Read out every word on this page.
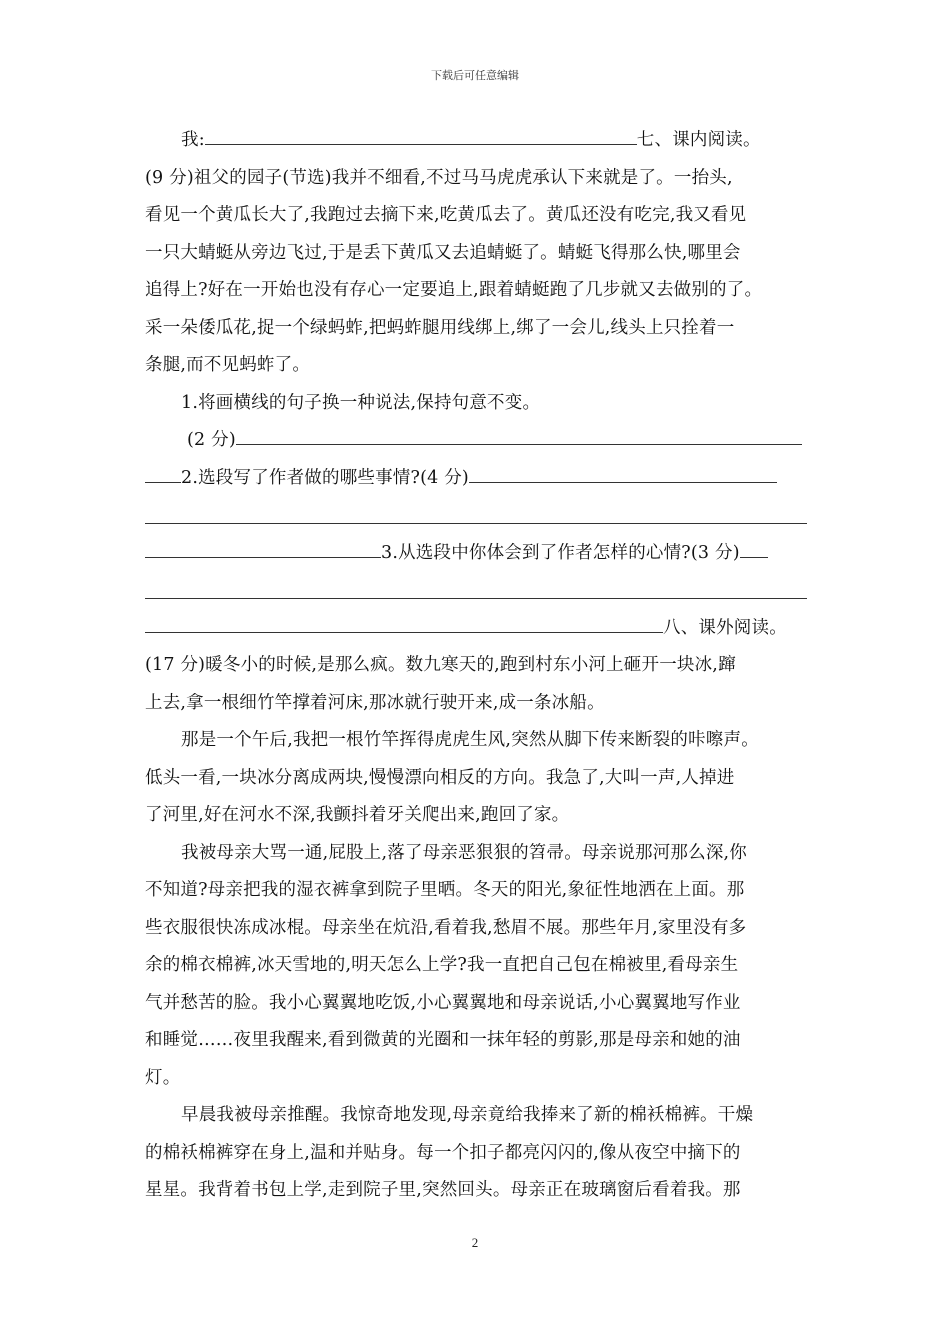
下载后可任意编辑
我:	七、课内阅读。
(9 分)祖父的园子(节选)我并不细看,不过马马虎虎承认下来就是了。一抬头,
看见一个黄瓜长大了,我跑过去摘下来,吃黄瓜去了。黄瓜还没有吃完,我又看见
一只大蜻蜓从旁边飞过,于是丢下黄瓜又去追蜻蜓了。蜻蜓飞得那么快,哪里会
追得上?好在一开始也没有存心一定要追上,跟着蜻蜓跑了几步就又去做别的了。
采一朵倭瓜花,捉一个绿蚂蚱,把蚂蚱腿用线绑上,绑了一会儿,线头上只拴着一
条腿,而不见蚂蚱了。
1.将画横线的句子换一种说法,保持句意不变。
(2 分)
2.选段写了作者做的哪些事情?(4 分)
3.从选段中你体会到了作者怎样的心情?(3 分)
八、课外阅读。
(17 分)暖冬小的时候,是那么疯。数九寒天的,跑到村东小河上砸开一块冰,蹿
上去,拿一根细竹竿撑着河床,那冰就行驶开来,成一条冰船。
那是一个午后,我把一根竹竿挥得虎虎生风,突然从脚下传来断裂的咔嚓声。
低头一看,一块冰分离成两块,慢慢漂向相反的方向。我急了,大叫一声,人掉进
了河里,好在河水不深,我颤抖着牙关爬出来,跑回了家。
我被母亲大骂一通,屁股上,落了母亲恶狠狠的笤帚。母亲说那河那么深,你
不知道?母亲把我的湿衣裤拿到院子里晒。冬天的阳光,象征性地洒在上面。那
些衣服很快冻成冰棍。母亲坐在炕沿,看着我,愁眉不展。那些年月,家里没有多
余的棉衣棉裤,冰天雪地的,明天怎么上学?我一直把自己包在棉被里,看母亲生
气并愁苦的脸。我小心翼翼地吃饭,小心翼翼地和母亲说话,小心翼翼地写作业
和睡觉……夜里我醒来,看到微黄的光圈和一抹年轻的剪影,那是母亲和她的油
灯。
早晨我被母亲推醒。我惊奇地发现,母亲竟给我捧来了新的棉袄棉裤。干燥
的棉袄棉裤穿在身上,温和并贴身。每一个扣子都亮闪闪的,像从夜空中摘下的
星星。我背着书包上学,走到院子里,突然回头。母亲正在玻璃窗后看着我。那
2
